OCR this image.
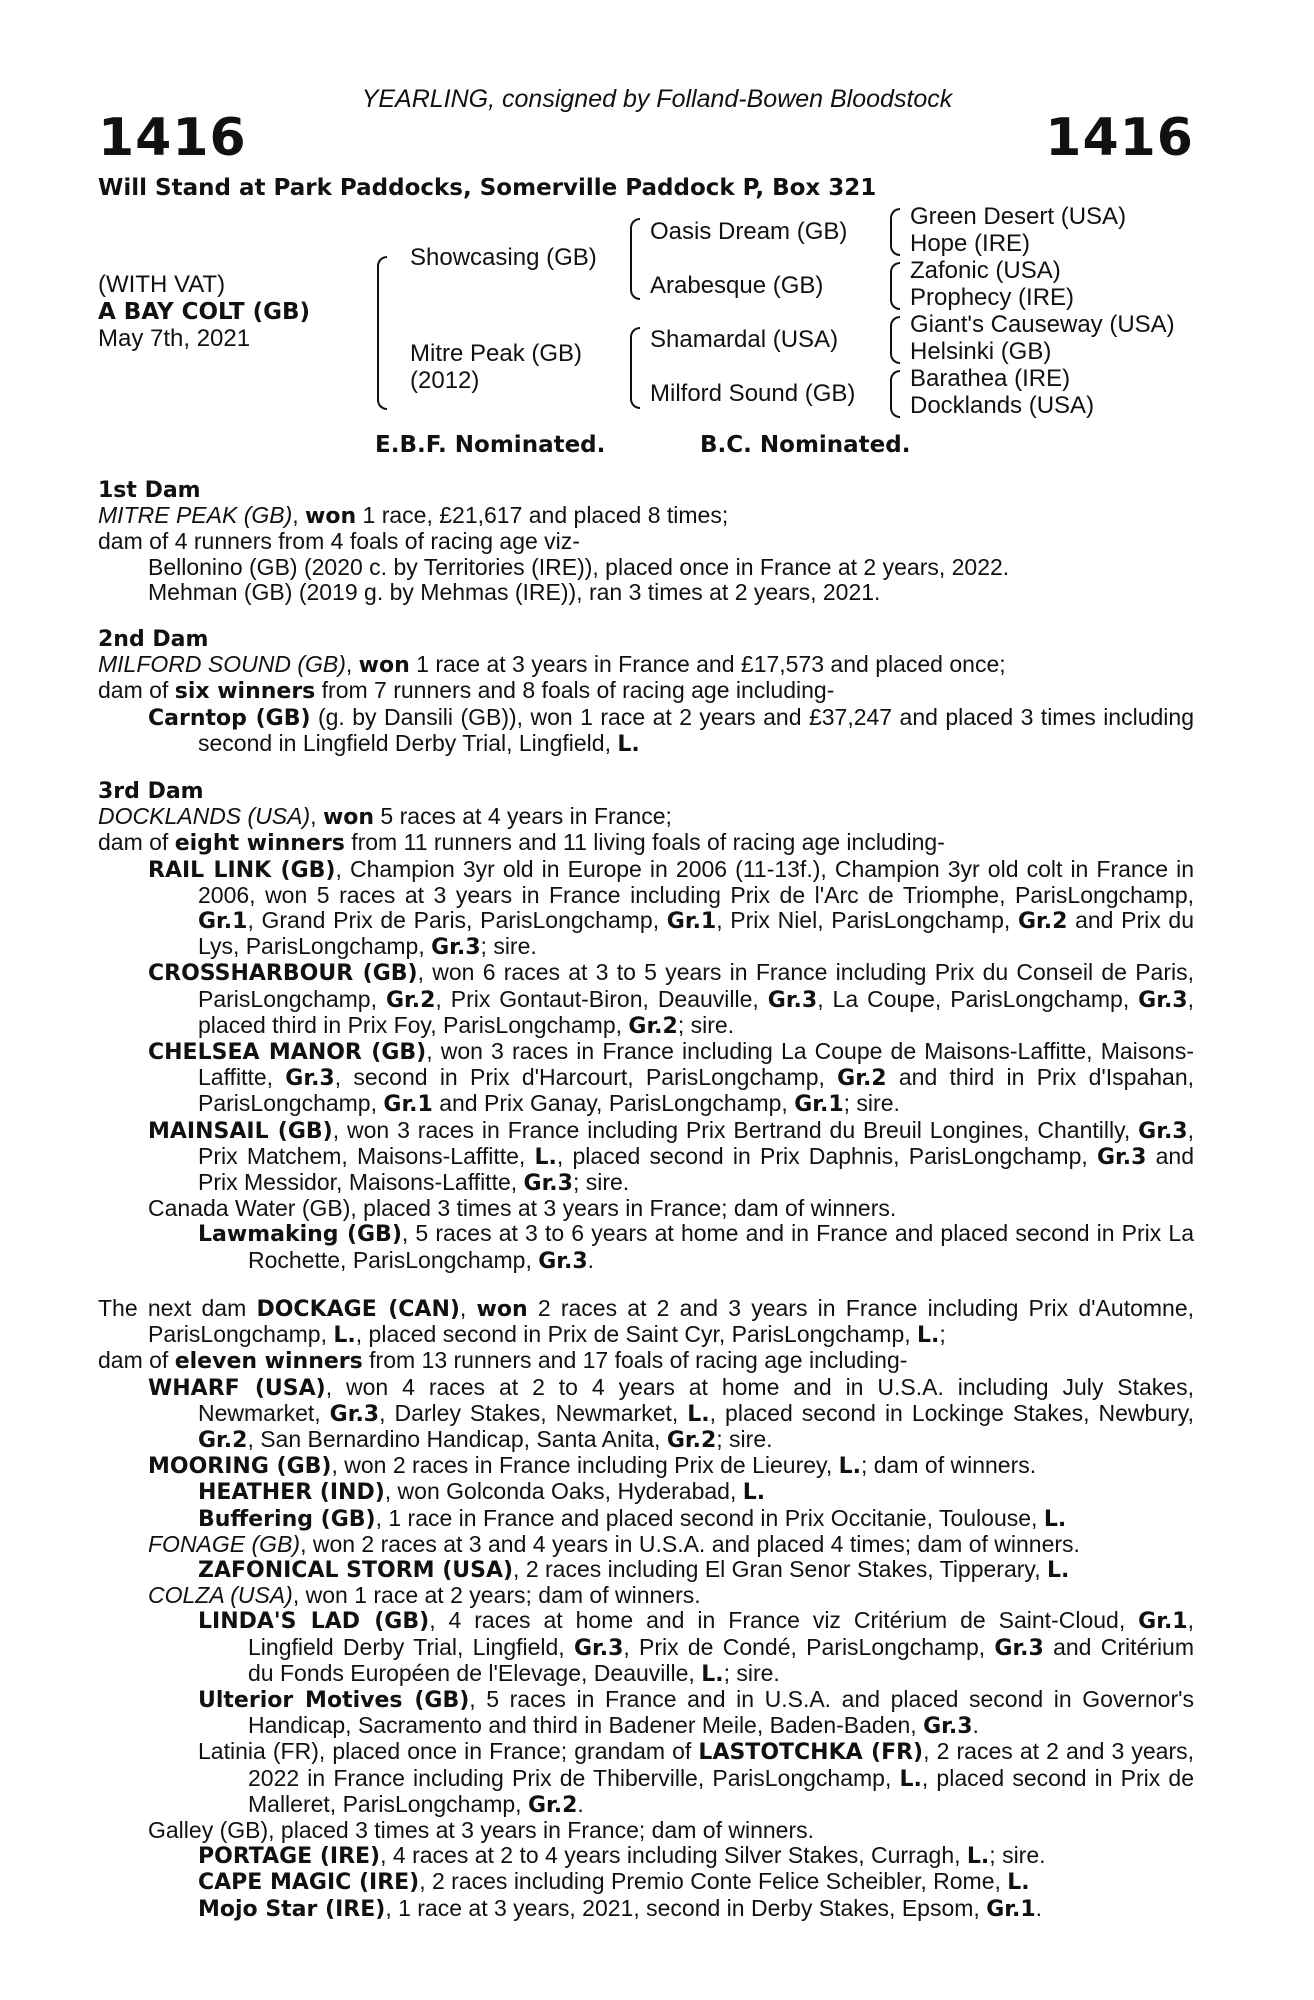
YEARLING, consigned by Folland-Bowen Bloodstock
1416	1416
Will Stand at Park Paddocks, Somerville Paddock P, Box 321
(WITH VAT)
A BAY COLT (GB)
May 7th, 2021
Showcasing (GB)
Mitre Peak (GB)
(2012)
Oasis Dream (GB)
Arabesque (GB)
Shamardal (USA)
Milford Sound (GB)
Green Desert (USA)
Hope (IRE)
Zafonic (USA)
Prophecy (IRE)
Giant's Causeway (USA)
Helsinki (GB)
Barathea (IRE)
Docklands (USA)
E.B.F. Nominated.	B.C. Nominated.
1st Dam
MITRE PEAK (GB), won 1 race, £21,617 and placed 8 times;
dam of 4 runners from 4 foals of racing age viz-
Bellonino (GB) (2020 c. by Territories (IRE)), placed once in France at 2 years, 2022.
Mehman (GB) (2019 g. by Mehmas (IRE)), ran 3 times at 2 years, 2021.
2nd Dam
MILFORD SOUND (GB), won 1 race at 3 years in France and £17,573 and placed once;
dam of six winners from 7 runners and 8 foals of racing age including-
Carntop (GB) (g. by Dansili (GB)), won 1 race at 2 years and £37,247 and placed 3 times including second in Lingfield Derby Trial, Lingfield, L.
3rd Dam
DOCKLANDS (USA), won 5 races at 4 years in France;
dam of eight winners from 11 runners and 11 living foals of racing age including-
RAIL LINK (GB), Champion 3yr old in Europe in 2006 (11-13f.), Champion 3yr old colt in France in 2006, won 5 races at 3 years in France including Prix de l'Arc de Triomphe, ParisLongchamp, Gr.1, Grand Prix de Paris, ParisLongchamp, Gr.1, Prix Niel, ParisLongchamp, Gr.2 and Prix du Lys, ParisLongchamp, Gr.3; sire.
CROSSHARBOUR (GB), won 6 races at 3 to 5 years in France including Prix du Conseil de Paris, ParisLongchamp, Gr.2, Prix Gontaut-Biron, Deauville, Gr.3, La Coupe, ParisLongchamp, Gr.3, placed third in Prix Foy, ParisLongchamp, Gr.2; sire.
CHELSEA MANOR (GB), won 3 races in France including La Coupe de Maisons-Laffitte, Maisons-Laffitte, Gr.3, second in Prix d'Harcourt, ParisLongchamp, Gr.2 and third in Prix d'Ispahan, ParisLongchamp, Gr.1 and Prix Ganay, ParisLongchamp, Gr.1; sire.
MAINSAIL (GB), won 3 races in France including Prix Bertrand du Breuil Longines, Chantilly, Gr.3, Prix Matchem, Maisons-Laffitte, L., placed second in Prix Daphnis, ParisLongchamp, Gr.3 and Prix Messidor, Maisons-Laffitte, Gr.3; sire.
Canada Water (GB), placed 3 times at 3 years in France; dam of winners.
Lawmaking (GB), 5 races at 3 to 6 years at home and in France and placed second in Prix La Rochette, ParisLongchamp, Gr.3.
The next dam DOCKAGE (CAN), won 2 races at 2 and 3 years in France including Prix d'Automne, ParisLongchamp, L., placed second in Prix de Saint Cyr, ParisLongchamp, L.;
dam of eleven winners from 13 runners and 17 foals of racing age including-
WHARF (USA), won 4 races at 2 to 4 years at home and in U.S.A. including July Stakes, Newmarket, Gr.3, Darley Stakes, Newmarket, L., placed second in Lockinge Stakes, Newbury, Gr.2, San Bernardino Handicap, Santa Anita, Gr.2; sire.
MOORING (GB), won 2 races in France including Prix de Lieurey, L.; dam of winners.
HEATHER (IND), won Golconda Oaks, Hyderabad, L.
Buffering (GB), 1 race in France and placed second in Prix Occitanie, Toulouse, L.
FONAGE (GB), won 2 races at 3 and 4 years in U.S.A. and placed 4 times; dam of winners.
ZAFONICAL STORM (USA), 2 races including El Gran Senor Stakes, Tipperary, L.
COLZA (USA), won 1 race at 2 years; dam of winners.
LINDA'S LAD (GB), 4 races at home and in France viz Critérium de Saint-Cloud, Gr.1, Lingfield Derby Trial, Lingfield, Gr.3, Prix de Condé, ParisLongchamp, Gr.3 and Critérium du Fonds Européen de l'Elevage, Deauville, L.; sire.
Ulterior Motives (GB), 5 races in France and in U.S.A. and placed second in Governor's Handicap, Sacramento and third in Badener Meile, Baden-Baden, Gr.3.
Latinia (FR), placed once in France; grandam of LASTOTCHKA (FR), 2 races at 2 and 3 years, 2022 in France including Prix de Thiberville, ParisLongchamp, L., placed second in Prix de Malleret, ParisLongchamp, Gr.2.
Galley (GB), placed 3 times at 3 years in France; dam of winners.
PORTAGE (IRE), 4 races at 2 to 4 years including Silver Stakes, Curragh, L.; sire.
CAPE MAGIC (IRE), 2 races including Premio Conte Felice Scheibler, Rome, L.
Mojo Star (IRE), 1 race at 3 years, 2021, second in Derby Stakes, Epsom, Gr.1.
